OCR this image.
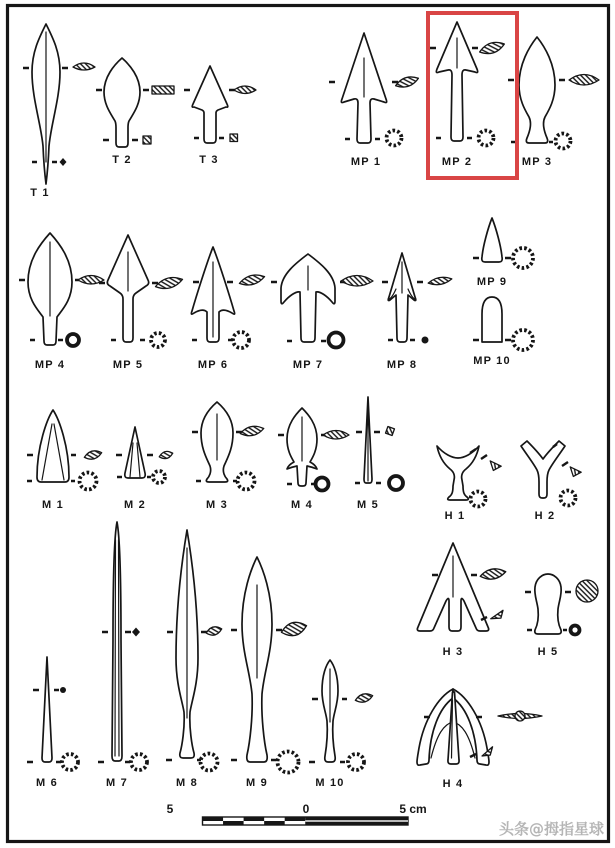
T 1
T 2	T 3	MP 1	MP 2	MP 3
MP 4	MP 5	MP 6	MP 7	MP 8
MP 9
MP 10
M 1	M 2	M 3	M 4	M 5
H 1	H 2
M 6	M 7	M 8	M 9	M 10
H 3	H 5
H 4
5	0	5 cm
头条@拇指星球
